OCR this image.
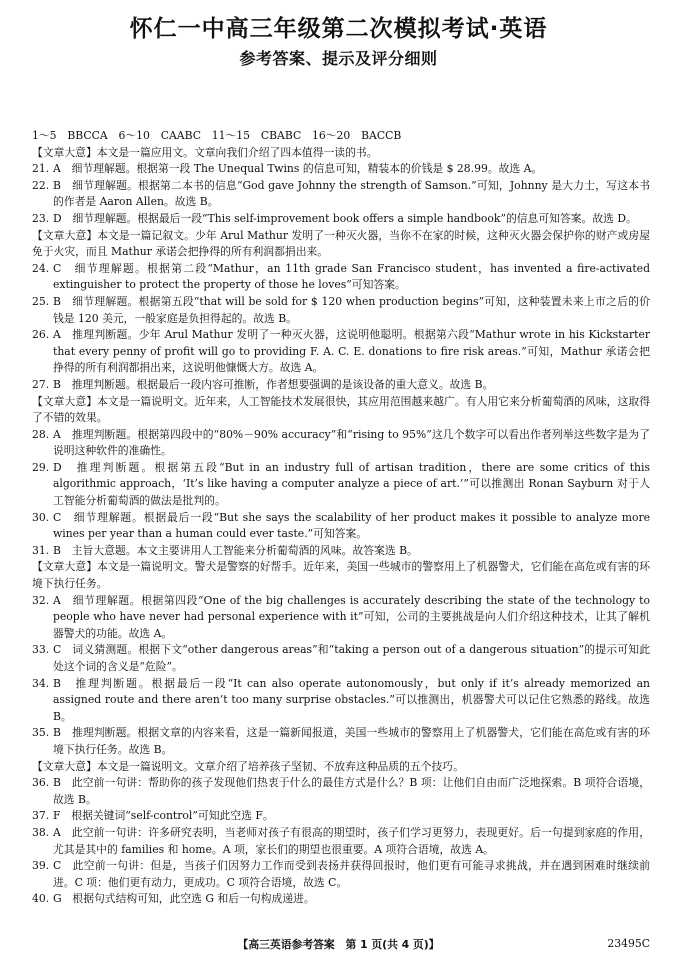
怀仁一中高三年级第二次模拟考试·英语
参考答案、提示及评分细则
1～5　BBCCA　6～10　CAABC　11～15　CBABC　16～20　BACCB
【文章大意】本文是一篇应用文。文章向我们介绍了四本值得一读的书。
21. A　细节理解题。根据第一段 The Unequal Twins 的信息可知，精装本的价钱是 $ 28.99。故选 A。
22. B　细节理解题。根据第二本书的信息“God gave Johnny the strength of Samson.”可知，Johnny 是大力士，写这本书的作者是 Aaron Allen。故选 B。
23. D　细节理解题。根据最后一段“This self-improvement book offers a simple handbook”的信息可知答案。故选 D。
【文章大意】本文是一篇记叙文。少年 Arul Mathur 发明了一种灭火器，当你不在家的时候，这种灭火器会保护你的财产或房屋免于火灾，而且 Mathur 承诺会把挣得的所有利润都捐出来。
24. C　细节理解题。根据第二段“Mathur，an 11th grade San Francisco student，has invented a fire-activated extinguisher to protect the property of those he loves”可知答案。
25. B　细节理解题。根据第五段“that will be sold for $ 120 when production begins”可知，这种装置未来上市之后的价钱是 120 美元，一般家庭是负担得起的。故选 B。
26. A　推理判断题。少年 Arul Mathur 发明了一种灭火器，这说明他聪明。根据第六段“Mathur wrote in his Kickstarter that every penny of profit will go to providing F. A. C. E. donations to fire risk areas.”可知，Mathur 承诺会把挣得的所有利润都捐出来，这说明他慷慨大方。故选 A。
27. B　推理判断题。根据最后一段内容可推断，作者想要强调的是该设备的重大意义。故选 B。
【文章大意】本文是一篇说明文。近年来，人工智能技术发展很快，其应用范围越来越广。有人用它来分析葡萄酒的风味，这取得了不错的效果。
28. A　推理判断题。根据第四段中的“80%－90% accuracy”和“rising to 95%”这几个数字可以看出作者列举这些数字是为了说明这种软件的准确性。
29. D　推理判断题。根据第五段“But in an industry full of artisan tradition，there are some critics of this algorithmic approach，‘It’s like having a computer analyze a piece of art.’”可以推测出 Ronan Sayburn 对于人工智能分析葡萄酒的做法是批判的。
30. C　细节理解题。根据最后一段“But she says the scalability of her product makes it possible to analyze more wines per year than a human could ever taste.”可知答案。
31. B　主旨大意题。本文主要讲用人工智能来分析葡萄酒的风味。故答案选 B。
【文章大意】本文是一篇说明文。警犬是警察的好帮手。近年来，美国一些城市的警察用上了机器警犬，它们能在高危或有害的环境下执行任务。
32. A　细节理解题。根据第四段“One of the big challenges is accurately describing the state of the technology to people who have never had personal experience with it”可知，公司的主要挑战是向人们介绍这种技术，让其了解机器警犬的功能。故选 A。
33. C　词义猜测题。根据下文“other dangerous areas”和“taking a person out of a dangerous situation”的提示可知此处这个词的含义是“危险”。
34. B　推理判断题。根据最后一段“It can also operate autonomously，but only if it’s already memorized an assigned route and there aren’t too many surprise obstacles.”可以推测出，机器警犬可以记住它熟悉的路线。故选 B。
35. B　推理判断题。根据文章的内容来看，这是一篇新闻报道，美国一些城市的警察用上了机器警犬，它们能在高危或有害的环境下执行任务。故选 B。
【文章大意】本文是一篇说明文。文章介绍了培养孩子坚韧、不放弃这种品质的五个技巧。
36. B　此空前一句讲：帮助你的孩子发现他们热衷于什么的最佳方式是什么？B 项：让他们自由而广泛地探索。B 项符合语境，故选 B。
37. F　根据关键词“self-control”可知此空选 F。
38. A　此空前一句讲：许多研究表明，当老师对孩子有很高的期望时，孩子们学习更努力，表现更好。后一句提到家庭的作用，尤其是其中的 families 和 home。A 项，家长们的期望也很重要。A 项符合语境，故选 A。
39. C　此空前一句讲：但是，当孩子们因努力工作而受到表扬并获得回报时，他们更有可能寻求挑战，并在遇到困难时继续前进。C 项：他们更有动力，更成功。C 项符合语境，故选 C。
40. G　根据句式结构可知，此空选 G 和后一句构成递进。
【高三英语参考答案　第 1 页(共 4 页)】	23495C
